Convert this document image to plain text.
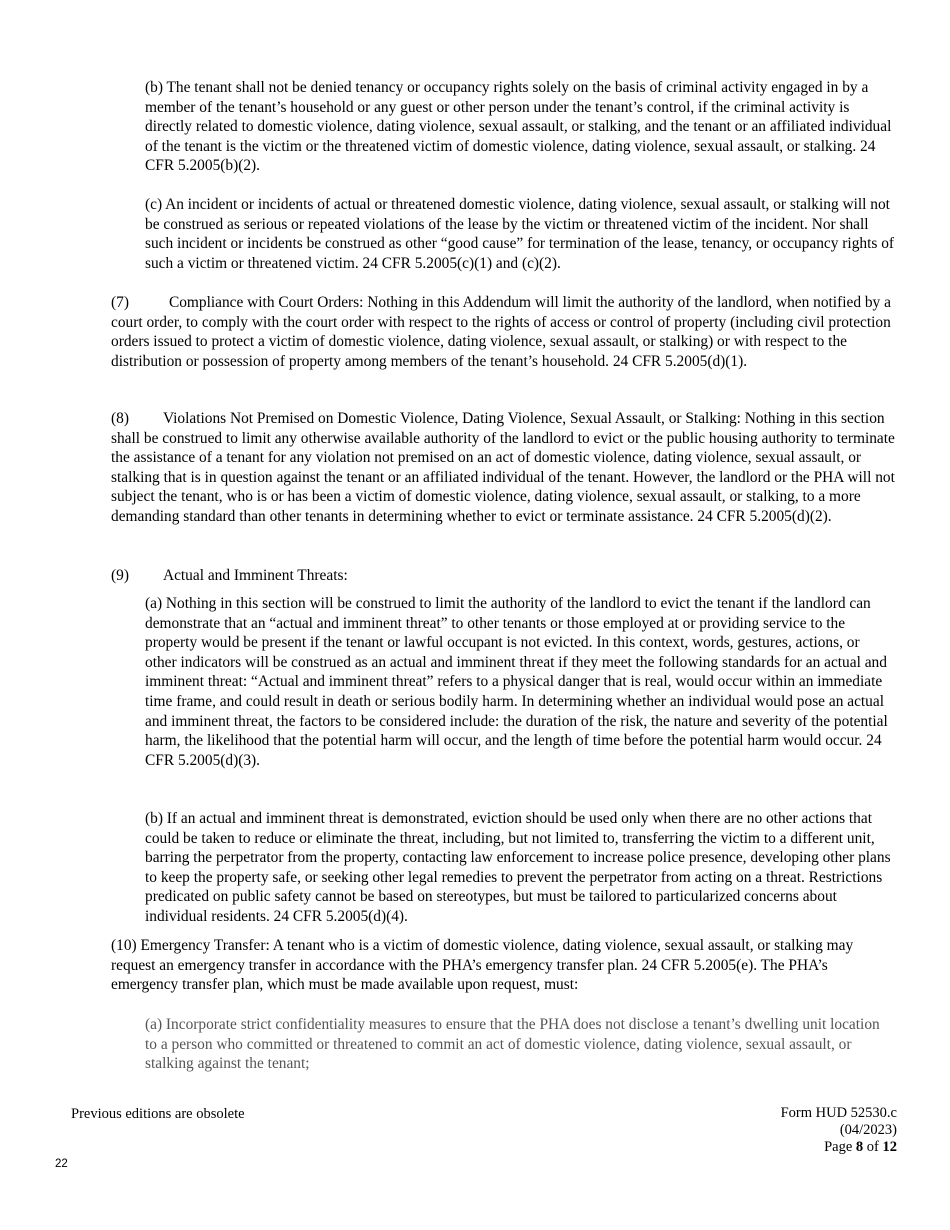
(b) The tenant shall not be denied tenancy or occupancy rights solely on the basis of criminal activity engaged in by a member of the tenant’s household or any guest or other person under the tenant’s control, if the criminal activity is directly related to domestic violence, dating violence, sexual assault, or stalking, and the tenant or an affiliated individual of the tenant is the victim or the threatened victim of domestic violence, dating violence, sexual assault, or stalking. 24 CFR 5.2005(b)(2).

(c) An incident or incidents of actual or threatened domestic violence, dating violence, sexual assault, or stalking will not be construed as serious or repeated violations of the lease by the victim or threatened victim of the incident. Nor shall such incident or incidents be construed as other “good cause” for termination of the lease, tenancy, or occupancy rights of such a victim or threatened victim. 24 CFR 5.2005(c)(1) and (c)(2).

(7)	Compliance with Court Orders: Nothing in this Addendum will limit the authority of the landlord, when notified by a court order, to comply with the court order with respect to the rights of access or control of property (including civil protection orders issued to protect a victim of domestic violence, dating violence, sexual assault, or stalking) or with respect to the distribution or possession of property among members of the tenant’s household. 24 CFR 5.2005(d)(1).

(8) Violations Not Premised on Domestic Violence, Dating Violence, Sexual Assault, or Stalking: Nothing in this section shall be construed to limit any otherwise available authority of the landlord to evict or the public housing authority to terminate the assistance of a tenant for any violation not premised on an act of domestic violence, dating violence, sexual assault, or stalking that is in question against the tenant or an affiliated individual of the tenant. However, the landlord or the PHA will not subject the tenant, who is or has been a victim of domestic violence, dating violence, sexual assault, or stalking, to a more demanding standard than other tenants in determining whether to evict or terminate assistance. 24 CFR 5.2005(d)(2).

(9) Actual and Imminent Threats:

(a) Nothing in this section will be construed to limit the authority of the landlord to evict the tenant if the landlord can demonstrate that an “actual and imminent threat” to other tenants or those employed at or providing service to the property would be present if the tenant or lawful occupant is not evicted. In this context, words, gestures, actions, or other indicators will be construed as an actual and imminent threat if they meet the following standards for an actual and imminent threat: “Actual and imminent threat” refers to a physical danger that is real, would occur within an immediate time frame, and could result in death or serious bodily harm. In determining whether an individual would pose an actual and imminent threat, the factors to be considered include: the duration of the risk, the nature and severity of the potential harm, the likelihood that the potential harm will occur, and the length of time before the potential harm would occur. 24 CFR 5.2005(d)(3).

(b) If an actual and imminent threat is demonstrated, eviction should be used only when there are no other actions that could be taken to reduce or eliminate the threat, including, but not limited to, transferring the victim to a different unit, barring the perpetrator from the property, contacting law enforcement to increase police presence, developing other plans to keep the property safe, or seeking other legal remedies to prevent the perpetrator from acting on a threat. Restrictions predicated on public safety cannot be based on stereotypes, but must be tailored to particularized concerns about individual residents. 24 CFR 5.2005(d)(4).

(10) Emergency Transfer: A tenant who is a victim of domestic violence, dating violence, sexual assault, or stalking may request an emergency transfer in accordance with the PHA’s emergency transfer plan. 24 CFR 5.2005(e). The PHA’s emergency transfer plan, which must be made available upon request, must:

(a) Incorporate strict confidentiality measures to ensure that the PHA does not disclose a tenant’s dwelling unit location to a person who committed or threatened to commit an act of domestic violence, dating violence, sexual assault, or stalking against the tenant;

Previous editions are obsolete	Form HUD 52530.c
(04/2023)
Page 8 of 12
22
